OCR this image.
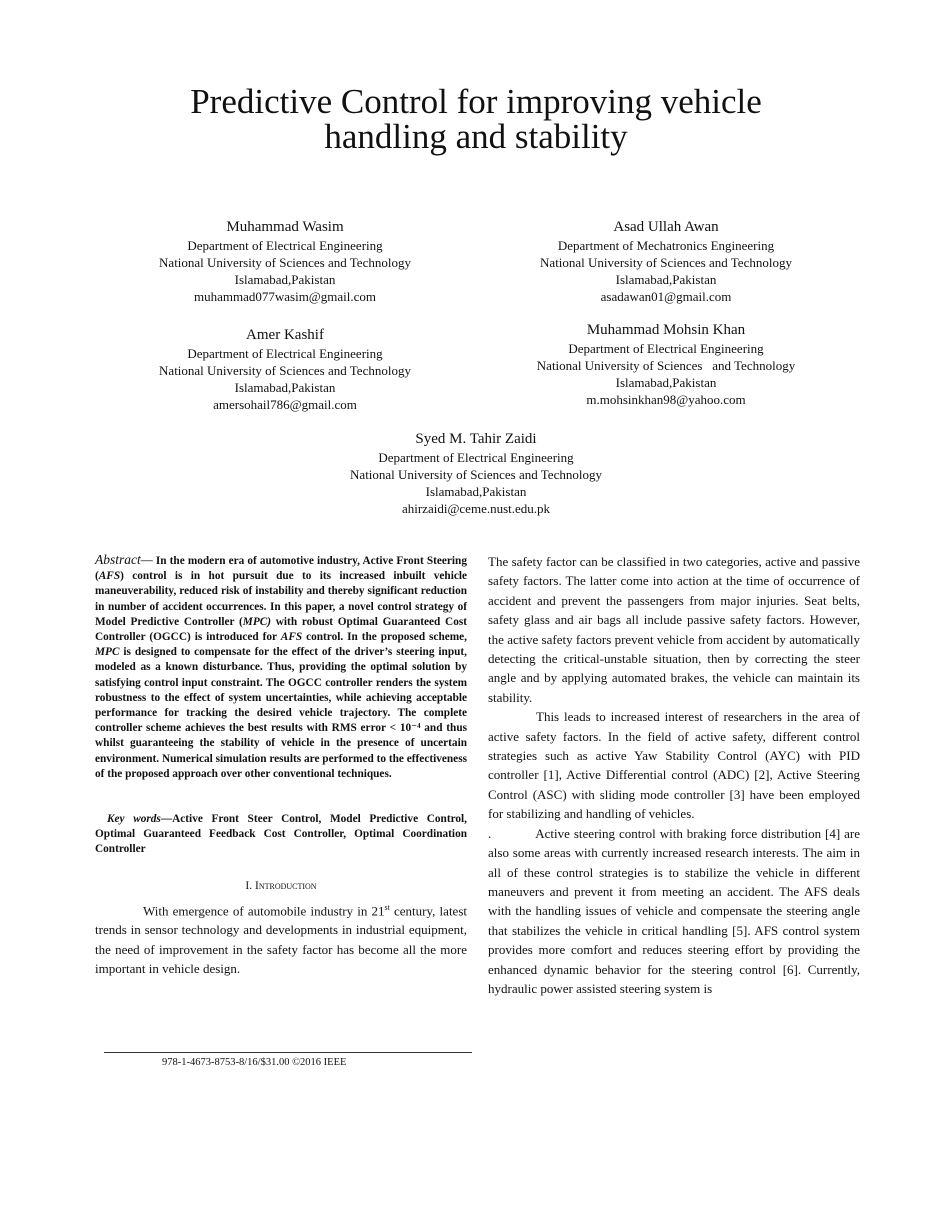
Predictive Control for improving vehicle
handling and stability
Muhammad Wasim
Department of Electrical Engineering
National University of Sciences and Technology
Islamabad,Pakistan
muhammad077wasim@gmail.com
Asad Ullah Awan
Department of Mechatronics Engineering
National University of Sciences and Technology
Islamabad,Pakistan
asadawan01@gmail.com
Amer Kashif
Department of Electrical Engineering
National University of Sciences and Technology
Islamabad,Pakistan
amersohail786@gmail.com
Muhammad Mohsin Khan
Department of Electrical Engineering
National University of Sciences   and Technology
Islamabad,Pakistan
m.mohsinkhan98@yahoo.com
Syed M. Tahir Zaidi
Department of Electrical Engineering
National University of Sciences and Technology
Islamabad,Pakistan
ahirzaidi@ceme.nust.edu.pk

Abstract— In the modern era of automotive industry, Active Front Steering (AFS) control is in hot pursuit due to its increased inbuilt vehicle maneuverability, reduced risk of instability and thereby significant reduction in number of accident occurrences. In this paper, a novel control strategy of Model Predictive Controller (MPC) with robust Optimal Guaranteed Cost Controller (OGCC) is introduced for AFS control. In the proposed scheme, MPC is designed to compensate for the effect of the driver’s steering input, modeled as a known disturbance. Thus, providing the optimal solution by satisfying control input constraint. The OGCC controller renders the system robustness to the effect of system uncertainties, while achieving acceptable performance for tracking the desired vehicle trajectory. The complete controller scheme achieves the best results with RMS error < 10⁻⁴ and thus whilst guaranteeing the stability of vehicle in the presence of uncertain environment. Numerical simulation results are performed to the effectiveness of the proposed approach over other conventional techniques.

Key words—Active Front Steer Control, Model Predictive Control, Optimal Guaranteed Feedback Cost Controller, Optimal Coordination Controller

I. Introduction

With emergence of automobile industry in 21st century, latest trends in sensor technology and developments in industrial equipment, the need of improvement in the safety factor has become all the more important in vehicle design.

The safety factor can be classified in two categories, active and passive safety factors. The latter come into action at the time of occurrence of accident and prevent the passengers from major injuries. Seat belts, safety glass and air bags all include passive safety factors. However, the active safety factors prevent vehicle from accident by automatically detecting the critical-unstable situation, then by correcting the steer angle and by applying automated brakes, the vehicle can maintain its stability.

This leads to increased interest of researchers in the area of active safety factors. In the field of active safety, different control strategies such as active Yaw Stability Control (AYC) with PID controller [1], Active Differential control (ADC) [2], Active Steering Control (ASC) with sliding mode controller [3] have been employed for stabilizing and handling of vehicles.

.	Active steering control with braking force distribution [4] are also some areas with currently increased research interests. The aim in all of these control strategies is to stabilize the vehicle in different maneuvers and prevent it from meeting an accident. The AFS deals with the handling issues of vehicle and compensate the steering angle that stabilizes the vehicle in critical handling [5]. AFS control system provides more comfort and reduces steering effort by providing the enhanced dynamic behavior for the steering control [6]. Currently, hydraulic power assisted steering system is

978-1-4673-8753-8/16/$31.00 ©2016 IEEE
